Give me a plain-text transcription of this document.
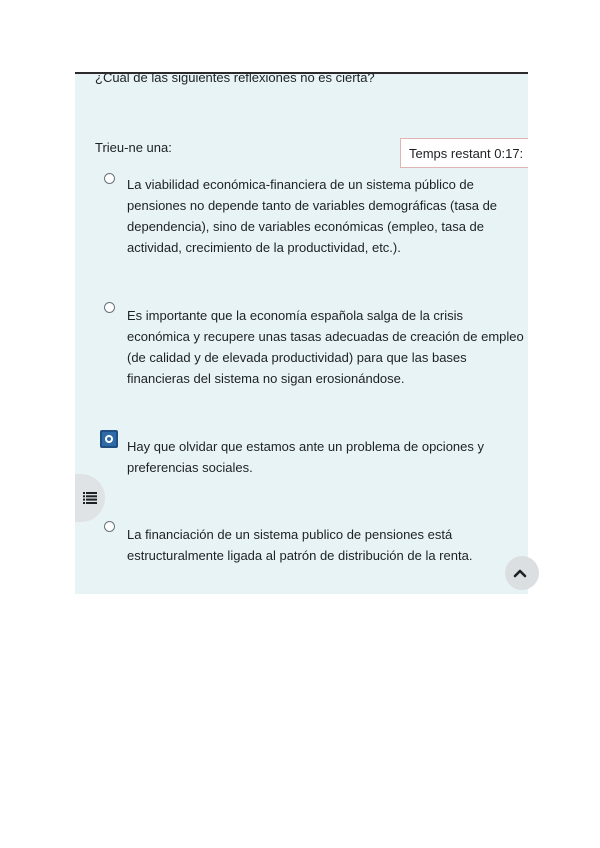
¿Cuál de las siguientes reflexiones no es cierta?
Trieu-ne una:	Temps restant 0:17:
La viabilidad económica-financiera de un sistema público de pensiones no depende tanto de variables demográficas (tasa de dependencia), sino de variables económicas (empleo, tasa de actividad, crecimiento de la productividad, etc.).
Es importante que la economía española salga de la crisis económica y recupere unas tasas adecuadas de creación de empleo (de calidad y de elevada productividad) para que las bases financieras del sistema no sigan erosionándose.
Hay que olvidar que estamos ante un problema de opciones y preferencias sociales.
La financiación de un sistema publico de pensiones está estructuralmente ligada al patrón de distribución de la renta.
